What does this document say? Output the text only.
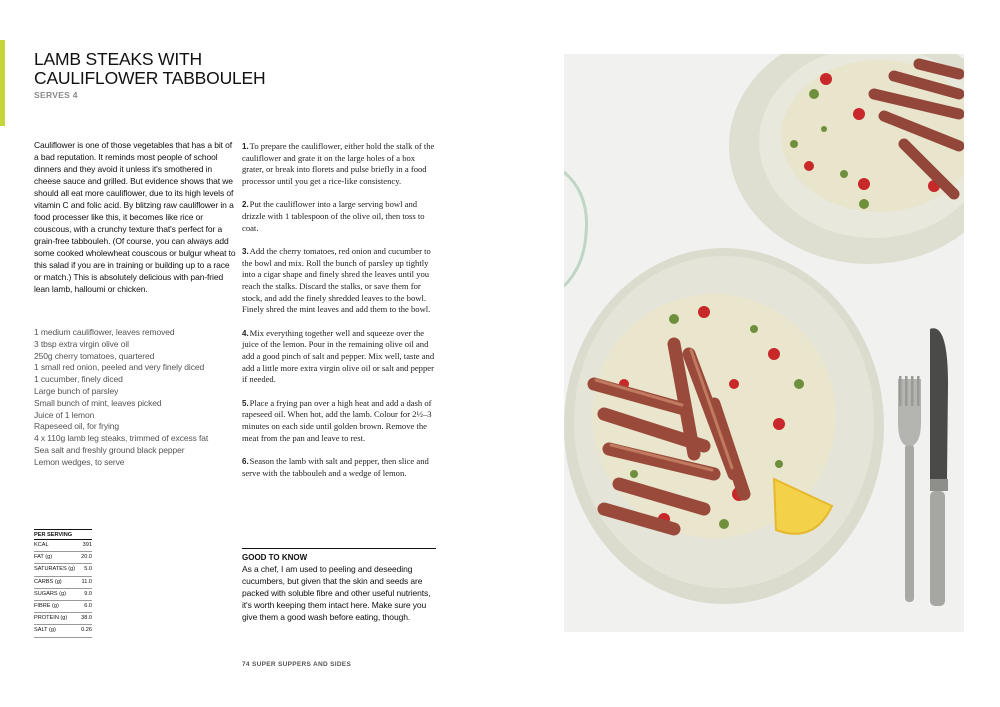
LAMB STEAKS WITH
CAULIFLOWER TABBOULEH
SERVES 4

Cauliflower is one of those vegetables that has a bit of a bad reputation. It reminds most people of school dinners and they avoid it unless it's smothered in cheese sauce and grilled. But evidence shows that we should all eat more cauliflower, due to its high levels of vitamin C and folic acid. By blitzing raw cauliflower in a food processer like this, it becomes like rice or couscous, with a crunchy texture that's perfect for a grain-free tabbouleh. (Of course, you can always add some cooked wholewheat couscous or bulgur wheat to this salad if you are in training or building up to a race or match.) This is absolutely delicious with pan-fried lean lamb, halloumi or chicken.

1 medium cauliflower, leaves removed
3 tbsp extra virgin olive oil
250g cherry tomatoes, quartered
1 small red onion, peeled and very finely diced
1 cucumber, finely diced
Large bunch of parsley
Small bunch of mint, leaves picked
Juice of 1 lemon
Rapeseed oil, for frying
4 x 110g lamb leg steaks, trimmed of excess fat
Sea salt and freshly ground black pepper
Lemon wedges, to serve
PER SERVING
KCAL	391
FAT (g)	20.0
SATURATES (g) 5.0
CARBS (g)	11.0
SUGARS (g)	9.0
FIBRE (g)	6.0
PROTEIN (g) 38.0
SALT (g)	0.26

1.To prepare the cauliflower, either hold the stalk of the cauliflower and grate it on the large holes of a box grater, or break into florets and pulse briefly in a food processor until you get a rice-like consistency.

2.Put the cauliflower into a large serving bowl and drizzle with 1 tablespoon of the olive oil, then toss to coat.

3.Add the cherry tomatoes, red onion and cucumber to the bowl and mix. Roll the bunch of parsley up tightly into a cigar shape and finely shred the leaves until you reach the stalks. Discard the stalks, or save them for stock, and add the finely shredded leaves to the bowl. Finely shred the mint leaves and add them to the bowl.

4.Mix everything together well and squeeze over the juice of the lemon. Pour in the remaining olive oil and add a good pinch of salt and pepper. Mix well, taste and add a little more extra virgin olive oil or salt and pepper if needed.

5.Place a frying pan over a high heat and add a dash of rapeseed oil. When hot, add the lamb. Colour for 2½–3 minutes on each side until golden brown. Remove the meat from the pan and leave to rest.

6.Season the lamb with salt and pepper, then slice and serve with the tabbouleh and a wedge of lemon.

GOOD TO KNOW

As a chef, I am used to peeling and deseeding cucumbers, but given that the skin and seeds are packed with soluble fibre and other useful nutrients, it's worth keeping them intact here. Make sure you give them a good wash before eating, though.

74 SUPER SUPPERS AND SIDES
